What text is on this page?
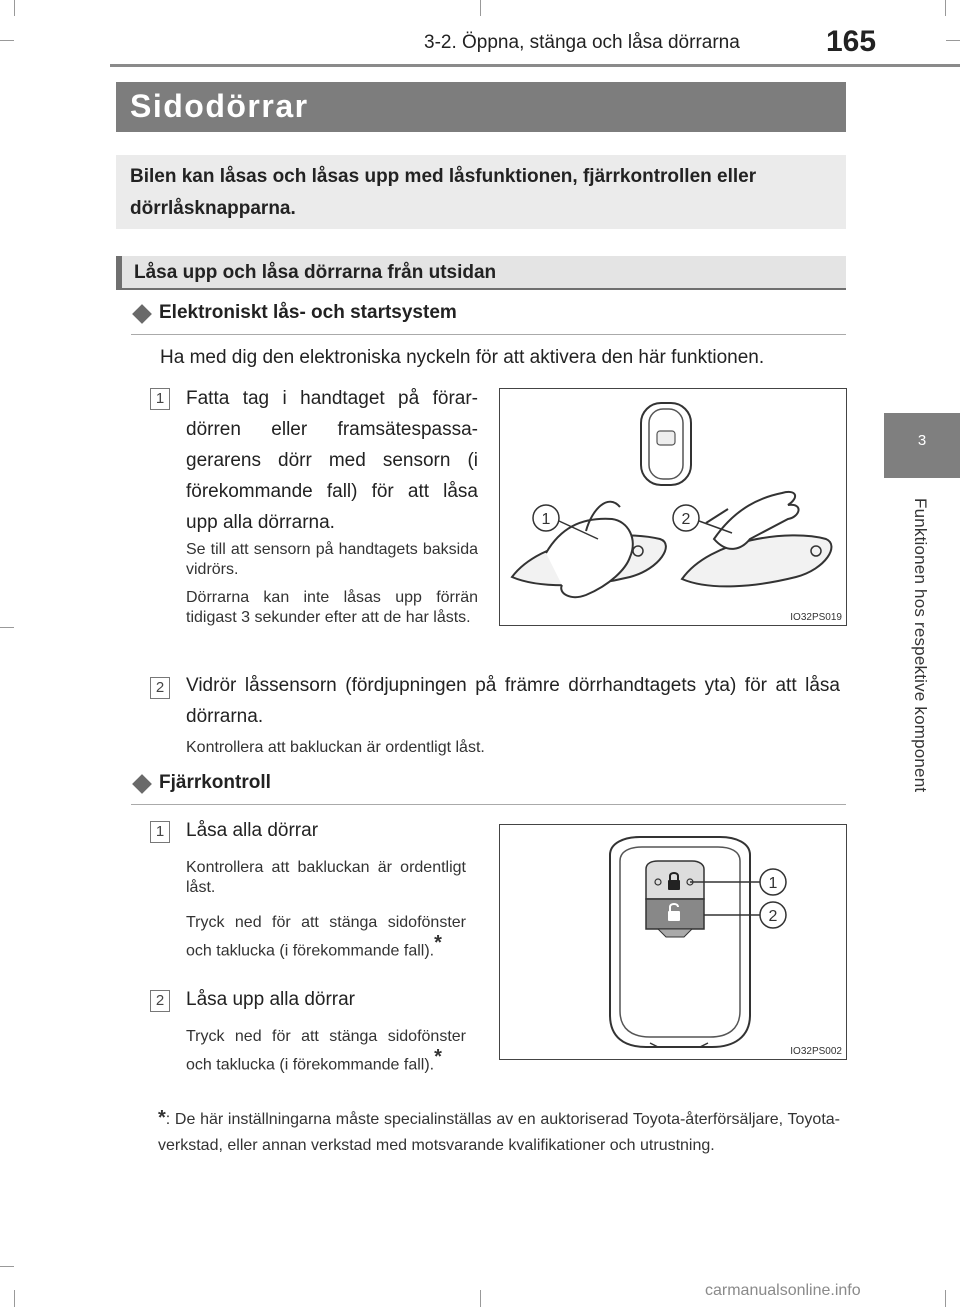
3-2. Öppna, stänga och låsa dörrarna	165
3
Funktionen hos respektive komponent
Sidodörrar
Bilen kan låsas och låsas upp med låsfunktionen, fjärrkontrollen eller dörrlåsknapparna.
Låsa upp och låsa dörrarna från utsidan
Elektroniskt lås- och startsystem
Ha med dig den elektroniska nyckeln för att aktivera den här funktionen.
1	Fatta tag i handtaget på förardörren eller framsätespassagerarens dörr med sensorn (i förekommande fall) för att låsa upp alla dörrarna.
Se till att sensorn på handtagets baksida vidrörs.
Dörrarna kan inte låsas upp förrän tidigast 3 sekunder efter att de har låsts.
1	2
IO32PS019
2	Vidrör låssensorn (fördjupningen på främre dörrhandtagets yta) för att låsa dörrarna.
Kontrollera att bakluckan är ordentligt låst.
Fjärrkontroll
1	Låsa alla dörrar
Kontrollera att bakluckan är ordentligt låst.
Tryck ned för att stänga sidofönster och taklucka (i förekommande fall).*
2	Låsa upp alla dörrar
Tryck ned för att stänga sidofönster och taklucka (i förekommande fall).*
1
2
IO32PS002
*: De här inställningarna måste specialinställas av en auktoriserad Toyota-återförsäljare, Toyota-verkstad, eller annan verkstad med motsvarande kvalifikationer och utrustning.
carmanualsonline.info
